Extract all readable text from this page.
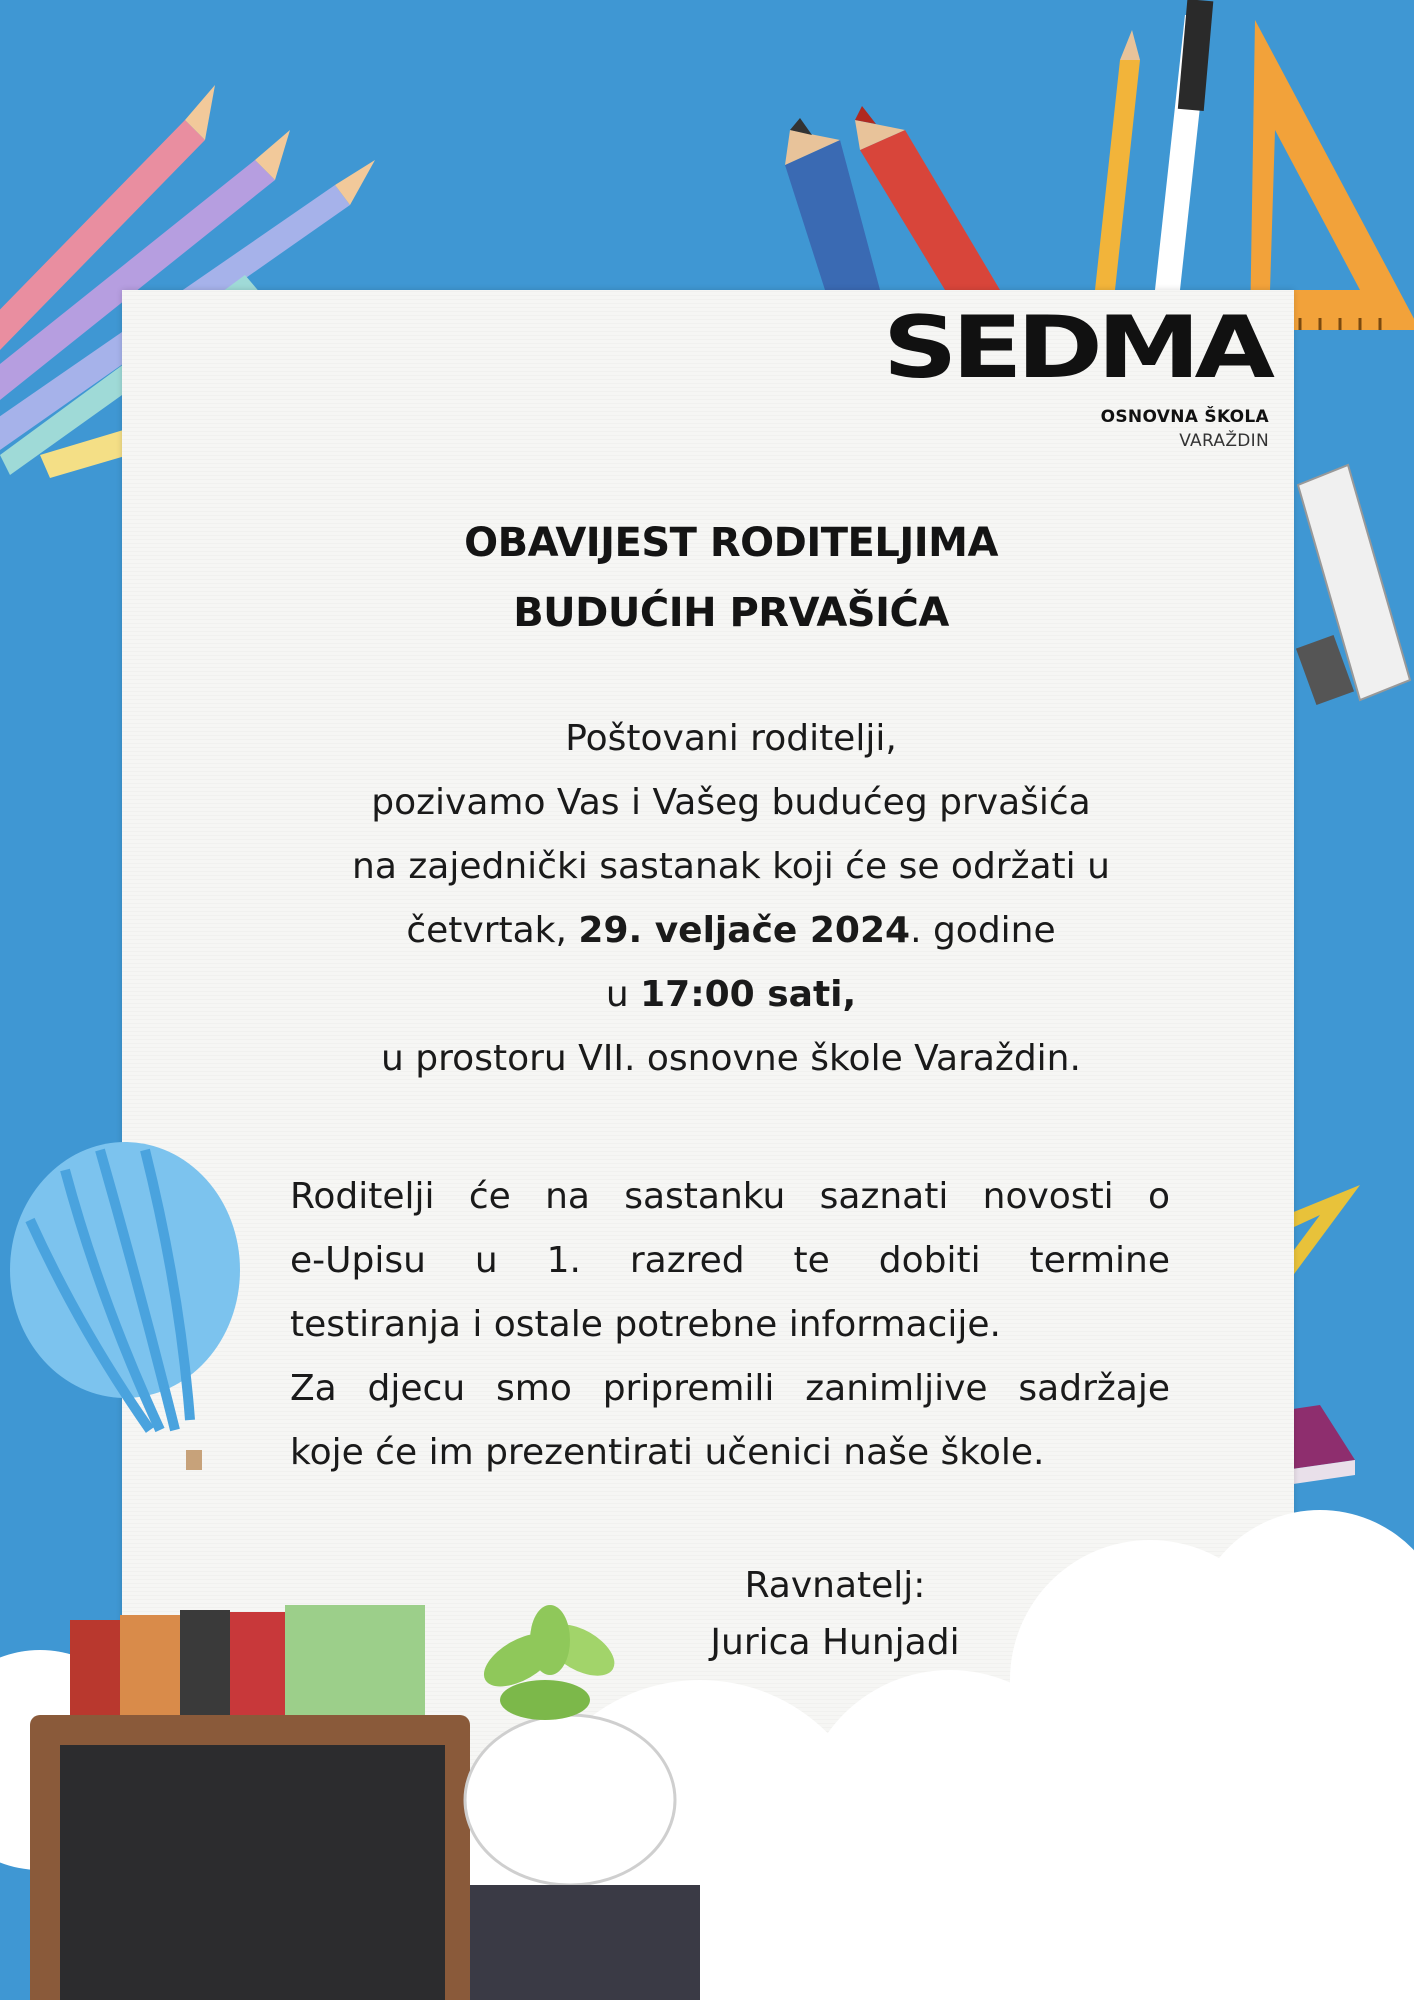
SEDMA
OSNOVNA ŠKOLA
VARAŽDIN
OBAVIJEST RODITELJIMA
BUDUĆIH PRVAŠIĆA
Poštovani roditelji,
pozivamo Vas i Vašeg budućeg prvašića
na zajednički sastanak koji će se održati u
četvrtak, 29. veljače 2024. godine
u 17:00 sati,
u prostoru VII. osnovne škole Varaždin.
Roditelji će na sastanku saznati novosti o
e-Upisu u 1. razred te dobiti termine
testiranja i ostale potrebne informacije.
Za djecu smo pripremili zanimljive sadržaje
koje će im prezentirati učenici naše škole.
Ravnatelj:
Jurica Hunjadi
